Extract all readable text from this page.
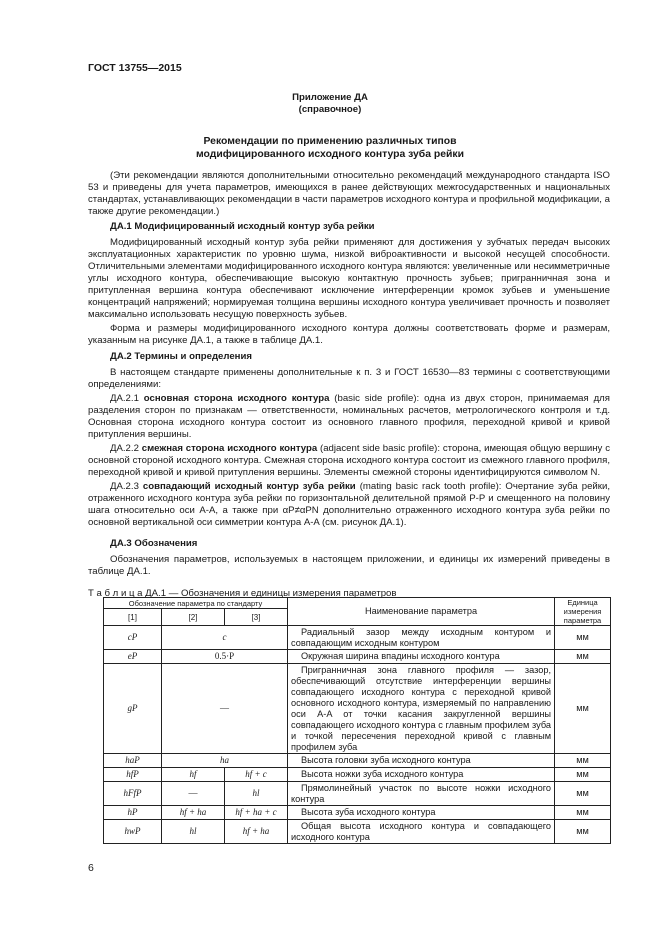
ГОСТ 13755—2015
Приложение ДА
(справочное)
Рекомендации по применению различных типов
модифицированного исходного контура зуба рейки

(Эти рекомендации являются дополнительными относительно рекомендаций международного стандарта ISO 53 и приведены для учета параметров, имеющихся в ранее действующих межгосударственных и национальных стандартах, устанавливающих рекомендации в части параметров исходного контура и профильной модификации, а также другие рекомендации.)

ДА.1 Модифицированный исходный контур зуба рейки

Модифицированный исходный контур зуба рейки применяют для достижения у зубчатых передач высоких эксплуатационных характеристик по уровню шума, низкой виброактивности и высокой несущей способности. Отличительными элементами модифицированного исходного контура являются: увеличенные или несимметричные углы исходного контура, обеспечивающие высокую контактную прочность зубьев; пригранничная зона и притупленная вершина контура обеспечивают исключение интерференции кромок зубьев и уменьшение концентраций напряжений; нормируемая толщина вершины исходного контура увеличивает прочность и позволяет максимально использовать несущую поверхность зубьев.

Форма и размеры модифицированного исходного контура должны соответствовать форме и размерам, указанным на рисунке ДА.1, а также в таблице ДА.1.

ДА.2 Термины и определения

В настоящем стандарте применены дополнительные к п. 3 и ГОСТ 16530—83 термины с соответствующими определениями:

ДА.2.1 основная сторона исходного контура (basic side profile): одна из двух сторон, принимаемая для разделения сторон по признакам — ответственности, номинальных расчетов, метрологического контроля и т.д. Основная сторона исходного контура состоит из основного главного профиля, переходной кривой и кривой притупления вершины.

ДА.2.2 смежная сторона исходного контура (adjacent side basic profile): сторона, имеющая общую вершину с основной стороной исходного контура. Смежная сторона исходного контура состоит из смежного главного профиля, переходной кривой и кривой притупления вершины. Элементы смежной стороны идентифицируются символом N.

ДА.2.3 совпадающий исходный контур зуба рейки (mating basic rack tooth profile): Очертание зуба рейки, отраженного исходного контура зуба рейки по горизонтальной делительной прямой P-P и смещенного на половину шага относительно оси A-A, а также при αP≠αPN дополнительно отраженного исходного контура зуба рейки по основной вертикальной оси симметрии контура A-A (см. рисунок ДА.1).

ДА.3 Обозначения

Обозначения параметров, используемых в настоящем приложении, и единицы их измерений приведены в таблице ДА.1.

Т а б л и ц а ДА.1 — Обозначения и единицы измерения параметров
Обозначение параметра по стандарту			Наименование параметра	Единица измерения параметра
[1]	[2]	[3]		
cP	c		Радиальный зазор между исходным контуром и совпадающим исходным контуром	мм
eP	0.5·P		Окружная ширина впадины исходного контура	мм
gP	—		Пригранничная зона главного профиля — зазор, обеспечивающий отсутствие интерференции вершины совпадающего исходного контура с переходной кривой основного исходного контура, измеряемый по направлению оси A-A от точки касания закругленной вершины совпадающего исходного контура с главным профилем зуба и точкой пересечения переходной кривой с главным профилем зуба	мм
haP	ha		Высота головки зуба исходного контура	мм
hfP	hf	hf + c	Высота ножки зуба исходного контура	мм
hFfP	—	hl	Прямолинейный участок по высоте ножки исходного контура	мм
hP	hf + ha	hf + ha + c	Высота зуба исходного контура	мм
hwP	hl	hf + ha	Общая высота исходного контура и совпадающего исходного контура	мм
6
